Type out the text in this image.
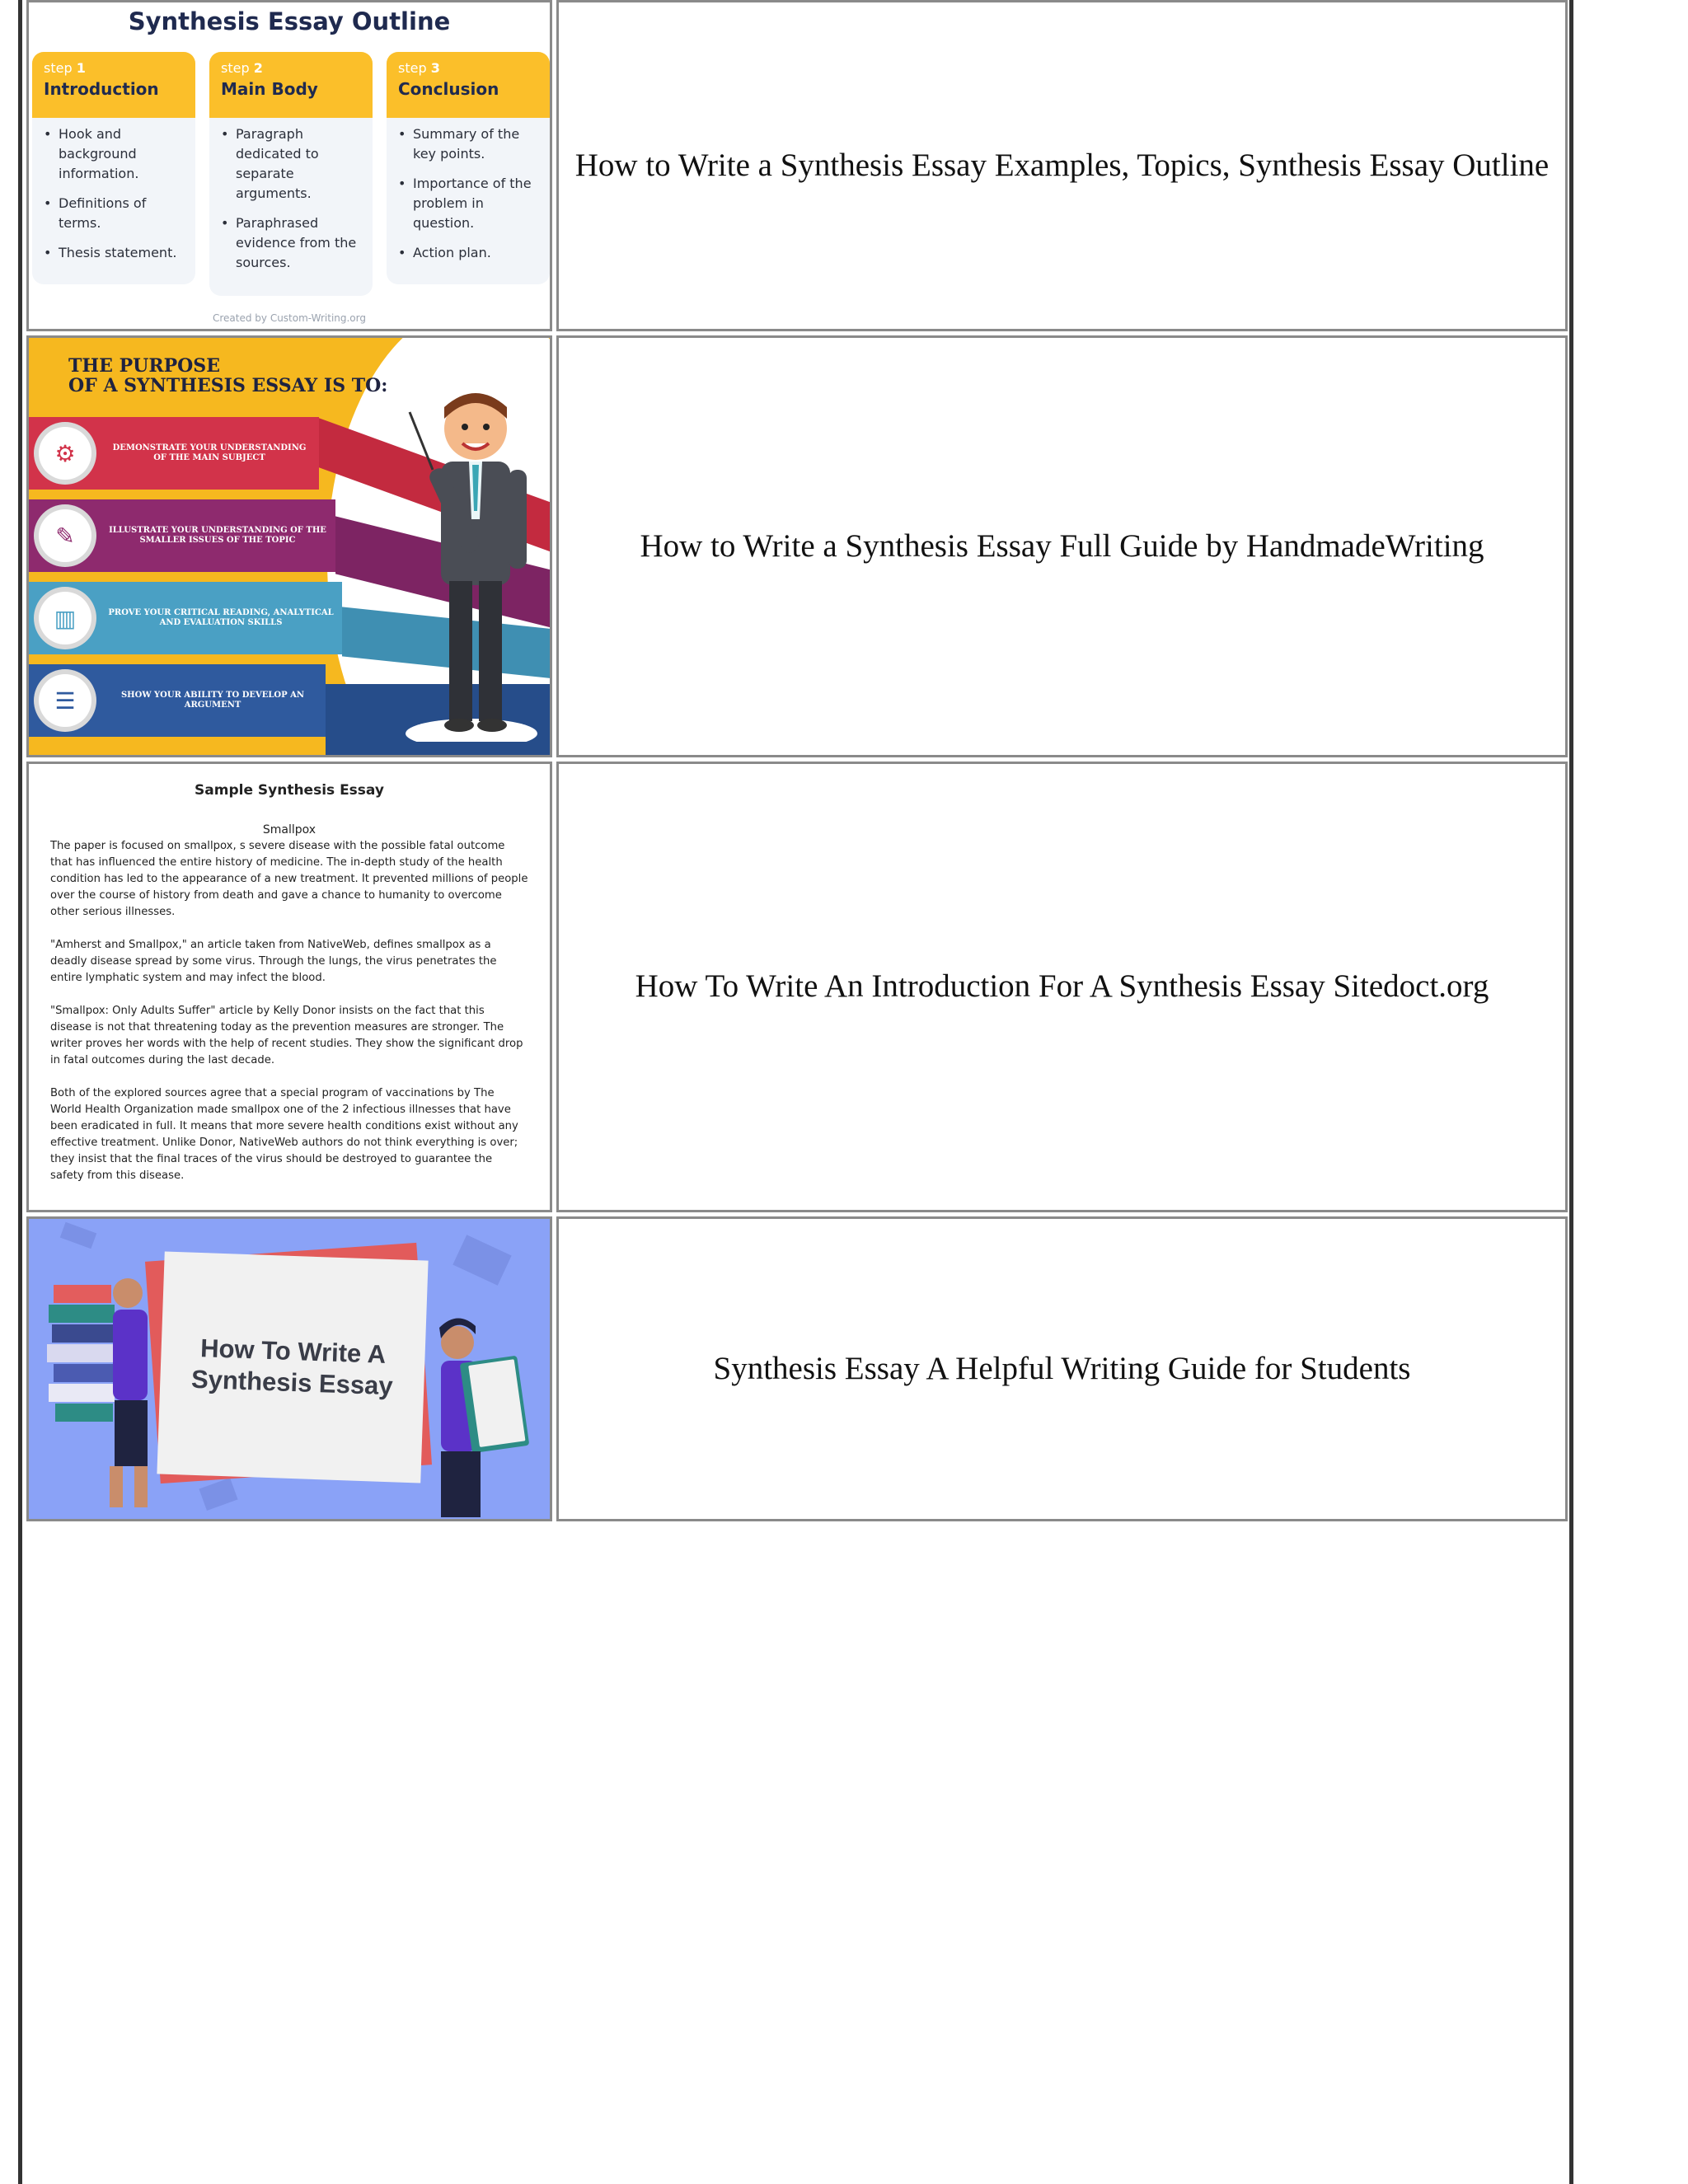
Synthesis Essay Outline
step 1
Introduction
• Hook and background information.
• Definitions of terms.
• Thesis statement.
step 2
Main Body
• Paragraph dedicated to separate arguments.
• Paraphrased evidence from the sources.
step 3
Conclusion
• Summary of the key points.
• Importance of the problem in question.
• Action plan.
Created by Custom-Writing.org
How to Write a Synthesis Essay Examples, Topics, Synthesis Essay Outline
THE PURPOSE
OF A SYNTHESIS ESSAY IS TO:
⚙	DEMONSTRATE YOUR UNDERSTANDING OF THE MAIN SUBJECT
✎	ILLUSTRATE YOUR UNDERSTANDING OF THE SMALLER ISSUES OF THE TOPIC
▥	PROVE YOUR CRITICAL READING, ANALYTICAL AND EVALUATION SKILLS
☰	SHOW YOUR ABILITY TO DEVELOP AN ARGUMENT
How to Write a Synthesis Essay Full Guide by HandmadeWriting
Sample Synthesis Essay
Smallpox

The paper is focused on smallpox, s severe disease with the possible fatal outcome that has influenced the entire history of medicine. The in-depth study of the health condition has led to the appearance of a new treatment. It prevented millions of people over the course of history from death and gave a chance to humanity to overcome other serious illnesses.

"Amherst and Smallpox," an article taken from NativeWeb, defines smallpox as a deadly disease spread by some virus. Through the lungs, the virus penetrates the entire lymphatic system and may infect the blood.

"Smallpox: Only Adults Suffer" article by Kelly Donor insists on the fact that this disease is not that threatening today as the prevention measures are stronger. The writer proves her words with the help of recent studies. They show the significant drop in fatal outcomes during the last decade.

Both of the explored sources agree that a special program of vaccinations by The World Health Organization made smallpox one of the 2 infectious illnesses that have been eradicated in full. It means that more severe health conditions exist without any effective treatment. Unlike Donor, NativeWeb authors do not think everything is over; they insist that the final traces of the virus should be destroyed to guarantee the safety from this disease.

How To Write An Introduction For A Synthesis Essay Sitedoct.org
How To Write A
Synthesis Essay	Synthesis Essay A Helpful Writing Guide for Students
